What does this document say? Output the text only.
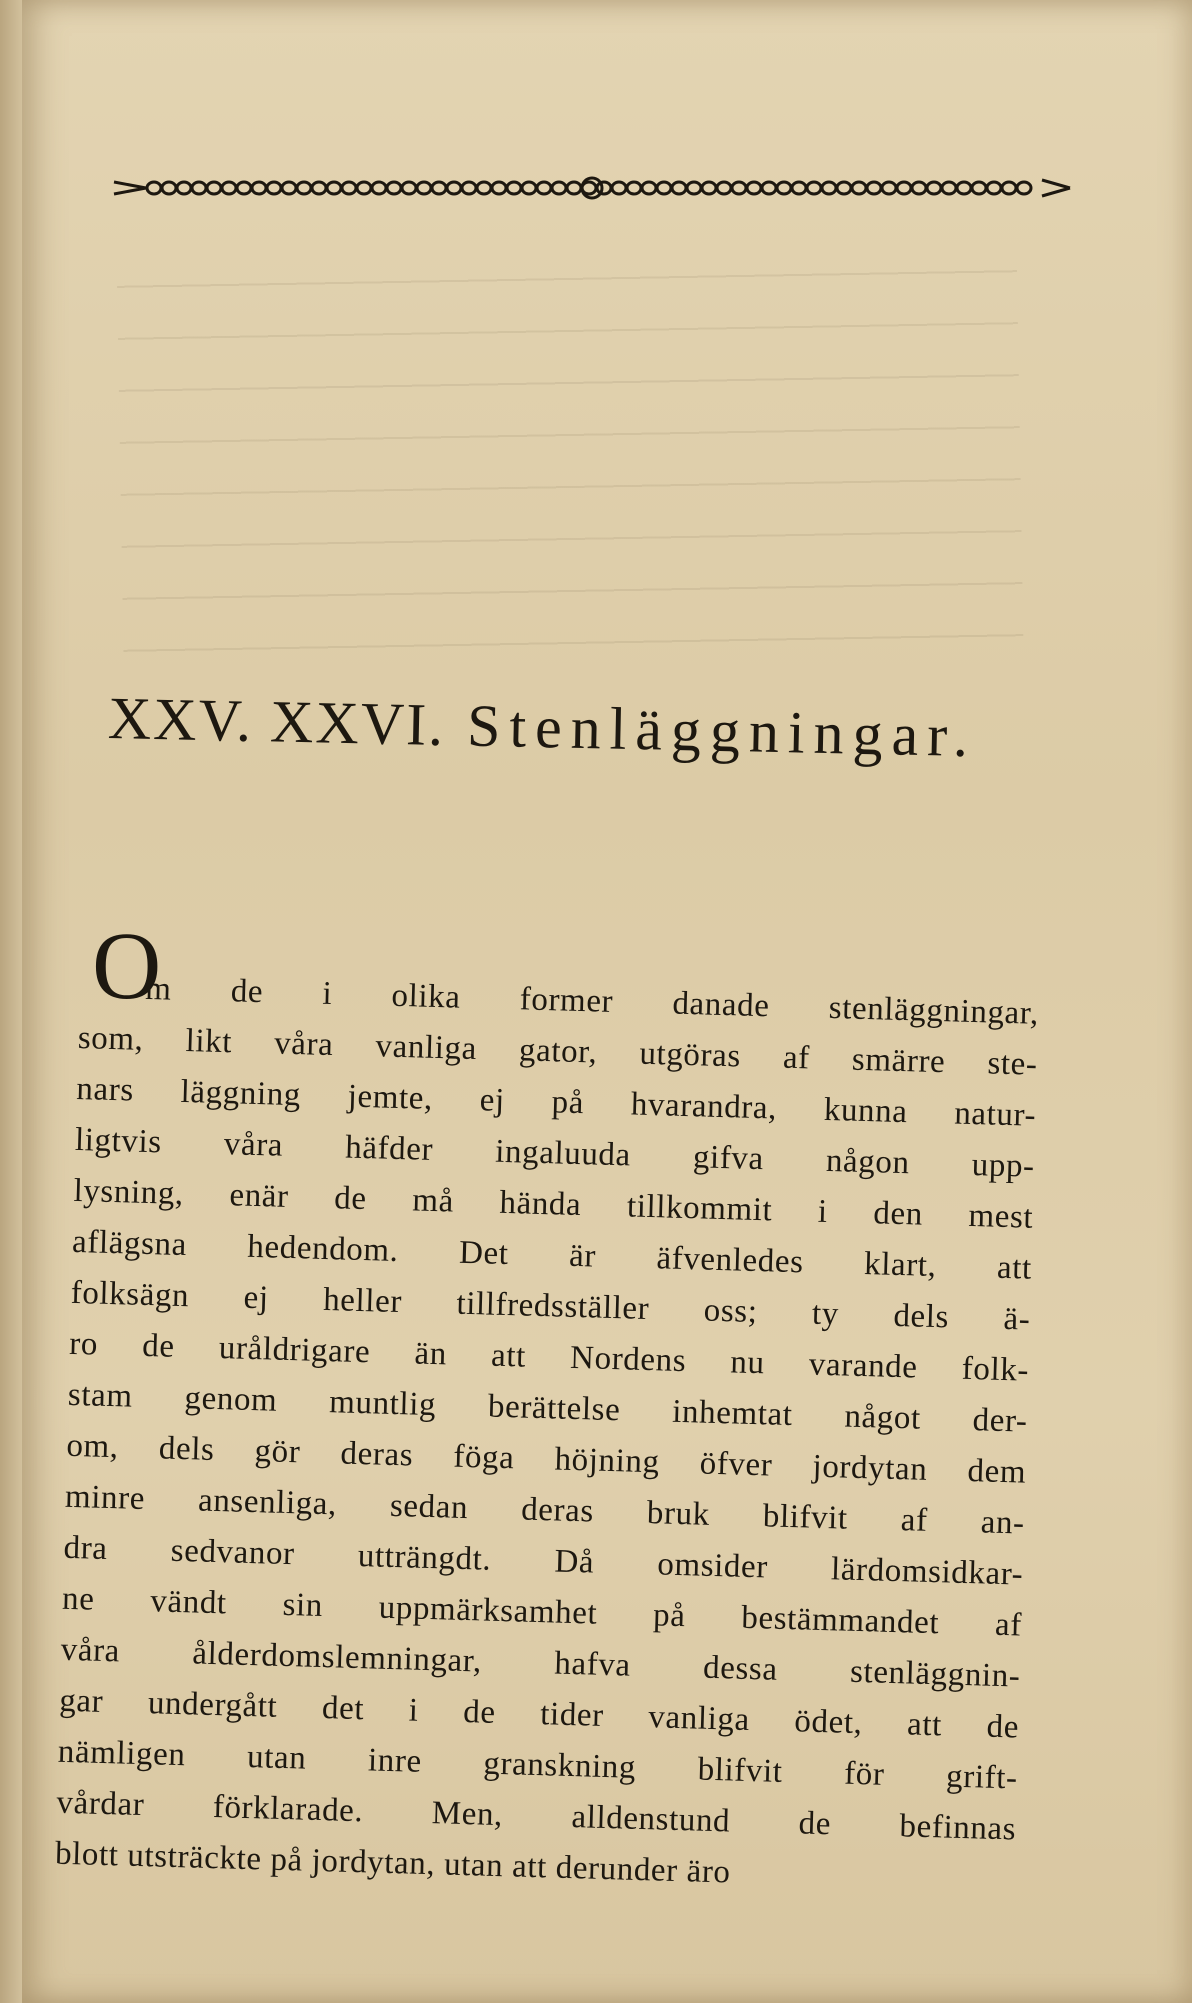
XXV. XXVI. Stenläggningar.
O
m de i olika former danade stenläggningar,
som, likt våra vanliga gator, utgöras af smärre ste-
nars läggning jemte, ej på hvarandra, kunna natur-
ligtvis våra häfder ingaluuda gifva någon upp-
lysning, enär de må hända tillkommit i den mest
aflägsna hedendom. Det är äfvenledes klart, att
folksägn ej heller tillfredsställer oss; ty dels ä-
ro de uråldrigare än att Nordens nu varande folk-
stam genom muntlig berättelse inhemtat något der-
om, dels gör deras föga höjning öfver jordytan dem
minre ansenliga, sedan deras bruk blifvit af an-
dra sedvanor utträngdt. Då omsider lärdomsidkar-
ne vändt sin uppmärksamhet på bestämmandet af
våra ålderdomslemningar, hafva dessa stenläggnin-
gar undergått det i de tider vanliga ödet, att de
nämligen utan inre granskning blifvit för grift-
vårdar förklarade. Men, alldenstund de befinnas
blott utsträckte på jordytan, utan att derunder äro
